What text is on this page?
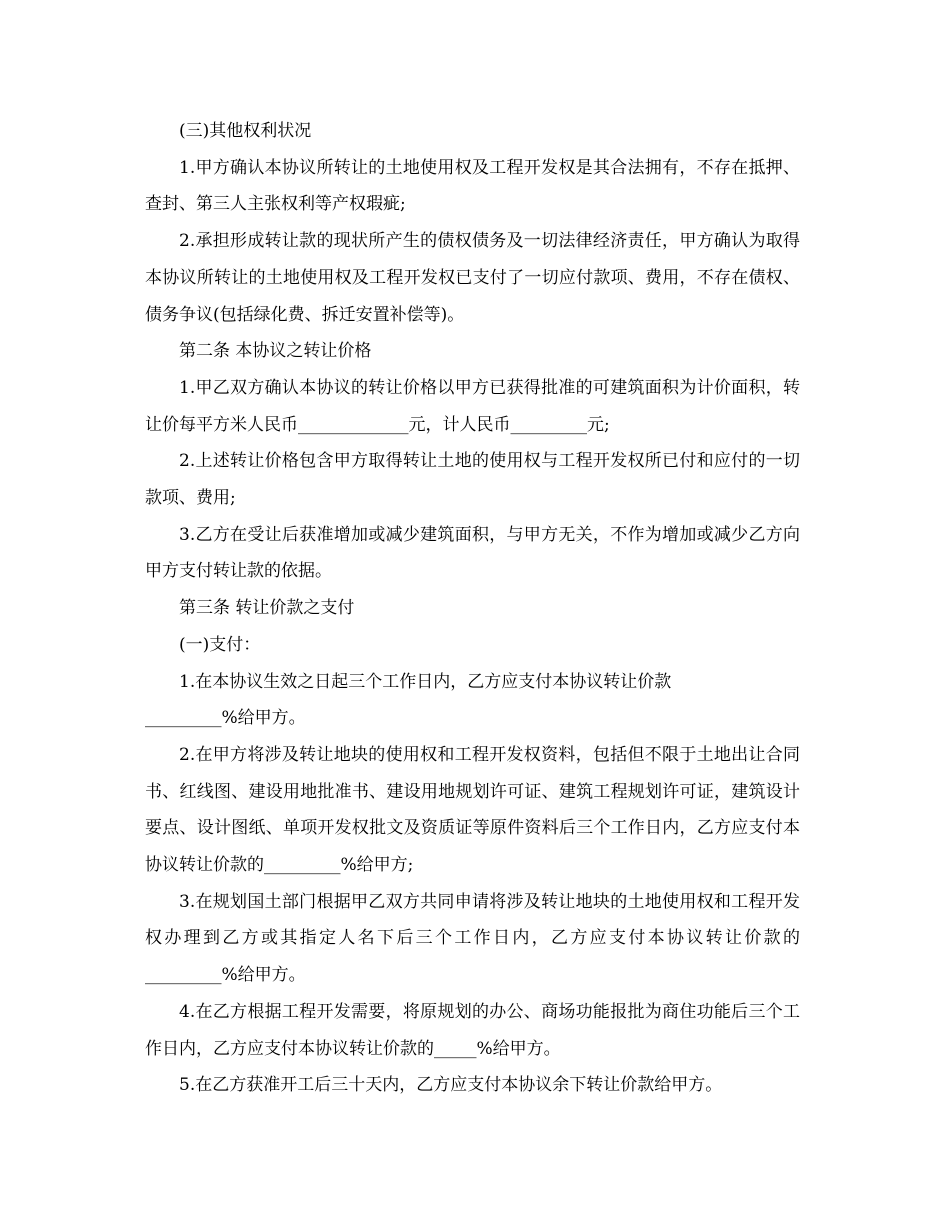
(三)其他权利状况

1.甲方确认本协议所转让的土地使用权及工程开发权是其合法拥有，不存在抵押、查封、第三人主张权利等产权瑕疵;

2.承担形成转让款的现状所产生的债权债务及一切法律经济责任，甲方确认为取得本协议所转让的土地使用权及工程开发权已支付了一切应付款项、费用，不存在债权、债务争议(包括绿化费、拆迁安置补偿等)。

第二条 本协议之转让价格

1.甲乙双方确认本协议的转让价格以甲方已获得批准的可建筑面积为计价面积，转让价每平方米人民币_____________元，计人民币_________元;

2.上述转让价格包含甲方取得转让土地的使用权与工程开发权所已付和应付的一切款项、费用;

3.乙方在受让后获准增加或减少建筑面积，与甲方无关，不作为增加或减少乙方向甲方支付转让款的依据。

第三条 转让价款之支付

(一)支付：

1.在本协议生效之日起三个工作日内，乙方应支付本协议转让价款
_________%给甲方。

2.在甲方将涉及转让地块的使用权和工程开发权资料，包括但不限于土地出让合同书、红线图、建设用地批准书、建设用地规划许可证、建筑工程规划许可证，建筑设计要点、设计图纸、单项开发权批文及资质证等原件资料后三个工作日内，乙方应支付本协议转让价款的_________%给甲方;

3.在规划国土部门根据甲乙双方共同申请将涉及转让地块的土地使用权和工程开发权办理到乙方或其指定人名下后三个工作日内，乙方应支付本协议转让价款的_________%给甲方。

4.在乙方根据工程开发需要，将原规划的办公、商场功能报批为商住功能后三个工作日内，乙方应支付本协议转让价款的_____%给甲方。

5.在乙方获准开工后三十天内，乙方应支付本协议余下转让价款给甲方。
